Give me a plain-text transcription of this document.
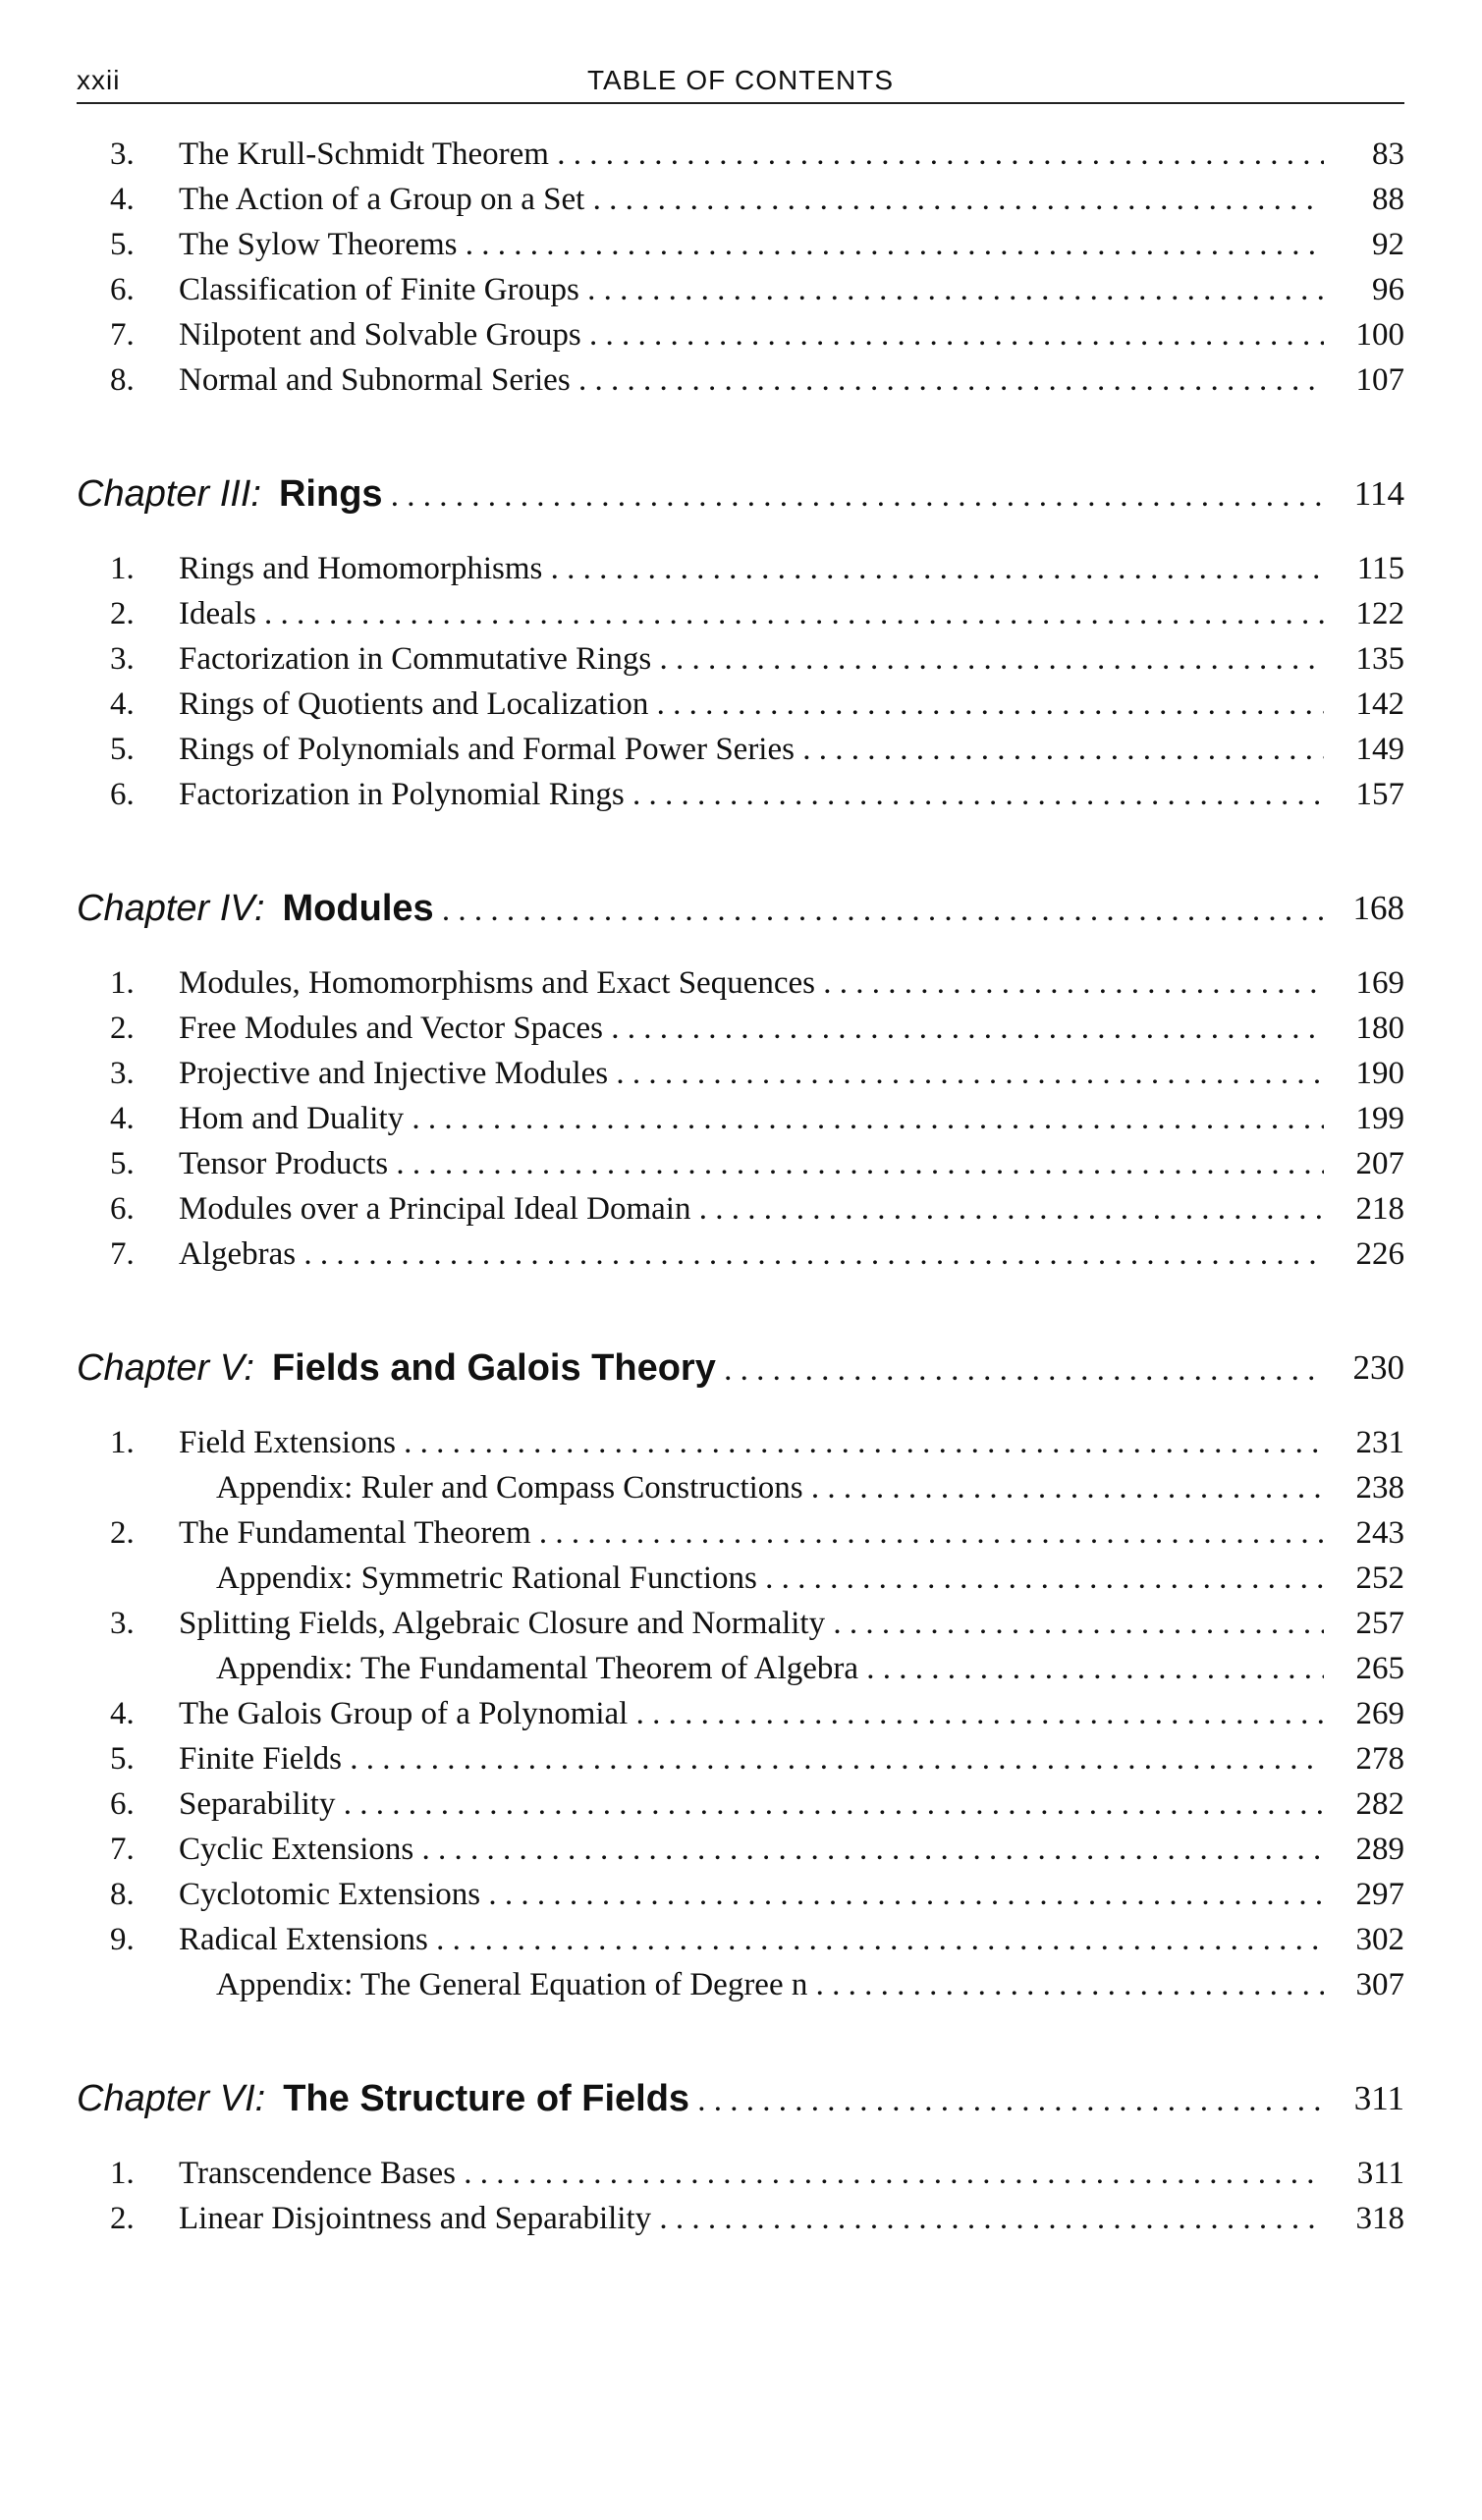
xxii	TABLE OF CONTENTS
3.	The Krull-Schmidt Theorem . . .	83
4.	The Action of a Group on a Set . . .	88
5.	The Sylow Theorems . . .	92
6.	Classification of Finite Groups . . .	96
7.	Nilpotent and Solvable Groups . . .	100
8.	Normal and Subnormal Series . . .	107
Chapter III: Rings . . .	114
1.	Rings and Homomorphisms . . .	115
2.	Ideals . . .	122
3.	Factorization in Commutative Rings . . .	135
4.	Rings of Quotients and Localization . . .	142
5.	Rings of Polynomials and Formal Power Series . . .	149
6.	Factorization in Polynomial Rings . . .	157
Chapter IV: Modules . . .	168
1.	Modules, Homomorphisms and Exact Sequences . . .	169
2.	Free Modules and Vector Spaces . . .	180
3.	Projective and Injective Modules . . .	190
4.	Hom and Duality . . .	199
5.	Tensor Products . . .	207
6.	Modules over a Principal Ideal Domain . . .	218
7.	Algebras . . .	226
Chapter V: Fields and Galois Theory . . .	230
1.	Field Extensions . . .	231
Appendix: Ruler and Compass Constructions . . .	238
2.	The Fundamental Theorem . . .	243
Appendix: Symmetric Rational Functions . . .	252
3.	Splitting Fields, Algebraic Closure and Normality . . .	257
Appendix: The Fundamental Theorem of Algebra . . .	265
4.	The Galois Group of a Polynomial . . .	269
5.	Finite Fields . . .	278
6.	Separability . . .	282
7.	Cyclic Extensions . . .	289
8.	Cyclotomic Extensions . . .	297
9.	Radical Extensions . . .	302
Appendix: The General Equation of Degree n . . .	307
Chapter VI: The Structure of Fields . . .	311
1.	Transcendence Bases . . .	311
2.	Linear Disjointness and Separability . . .	318
